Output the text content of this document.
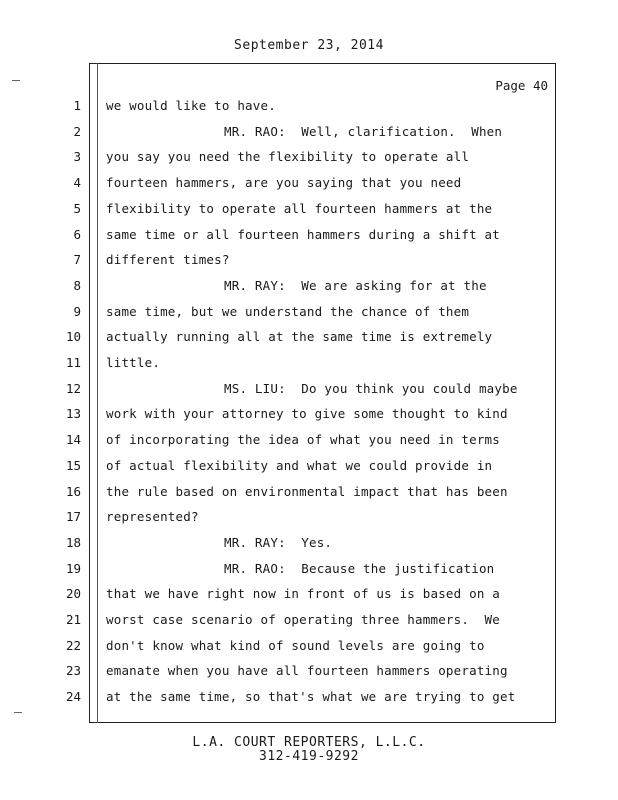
September 23, 2014
Page 40
1 we would like to have.
2	MR. RAO:  Well, clarification.  When
3 you say you need the flexibility to operate all
4 fourteen hammers, are you saying that you need
5 flexibility to operate all fourteen hammers at the
6 same time or all fourteen hammers during a shift at
7 different times?
8	MR. RAY:  We are asking for at the
9 same time, but we understand the chance of them
10 actually running all at the same time is extremely
11 little.
12	MS. LIU:  Do you think you could maybe
13 work with your attorney to give some thought to kind
14 of incorporating the idea of what you need in terms
15 of actual flexibility and what we could provide in
16 the rule based on environmental impact that has been
17 represented?
18	MR. RAY:  Yes.
19	MR. RAO:  Because the justification
20 that we have right now in front of us is based on a
21 worst case scenario of operating three hammers.  We
22 don't know what kind of sound levels are going to
23 emanate when you have all fourteen hammers operating
24 at the same time, so that's what we are trying to get
L.A. COURT REPORTERS, L.L.C.
312-419-9292
